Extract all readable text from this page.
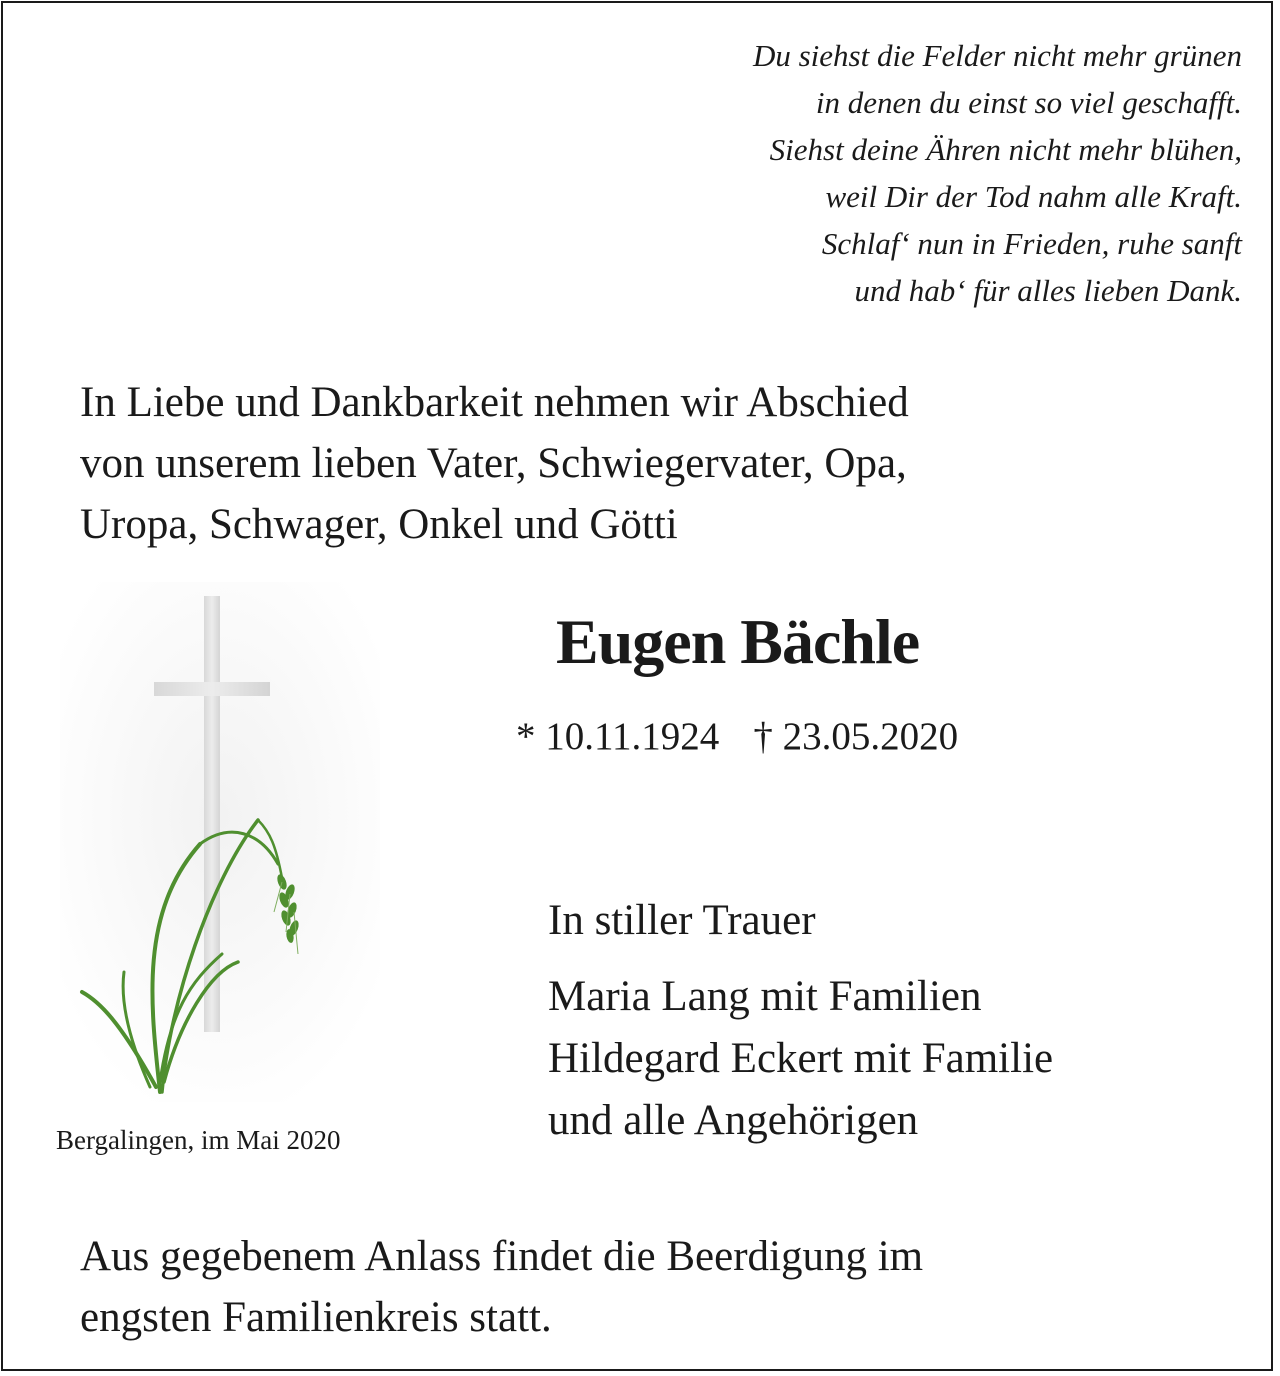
Du siehst die Felder nicht mehr grünen
in denen du einst so viel geschafft.
Siehst deine Ähren nicht mehr blühen,
weil Dir der Tod nahm alle Kraft.
Schlaf‘ nun in Frieden, ruhe sanft
und hab‘ für alles lieben Dank.
In Liebe und Dankbarkeit nehmen wir Abschied
von unserem lieben Vater, Schwiegervater, Opa,
Uropa, Schwager, Onkel und Götti
Eugen Bächle
* 10.11.1924 † 23.05.2020
In stiller Trauer
Maria Lang mit Familien
Hildegard Eckert mit Familie
und alle Angehörigen
Bergalingen, im Mai 2020
Aus gegebenem Anlass findet die Beerdigung im
engsten Familienkreis statt.
